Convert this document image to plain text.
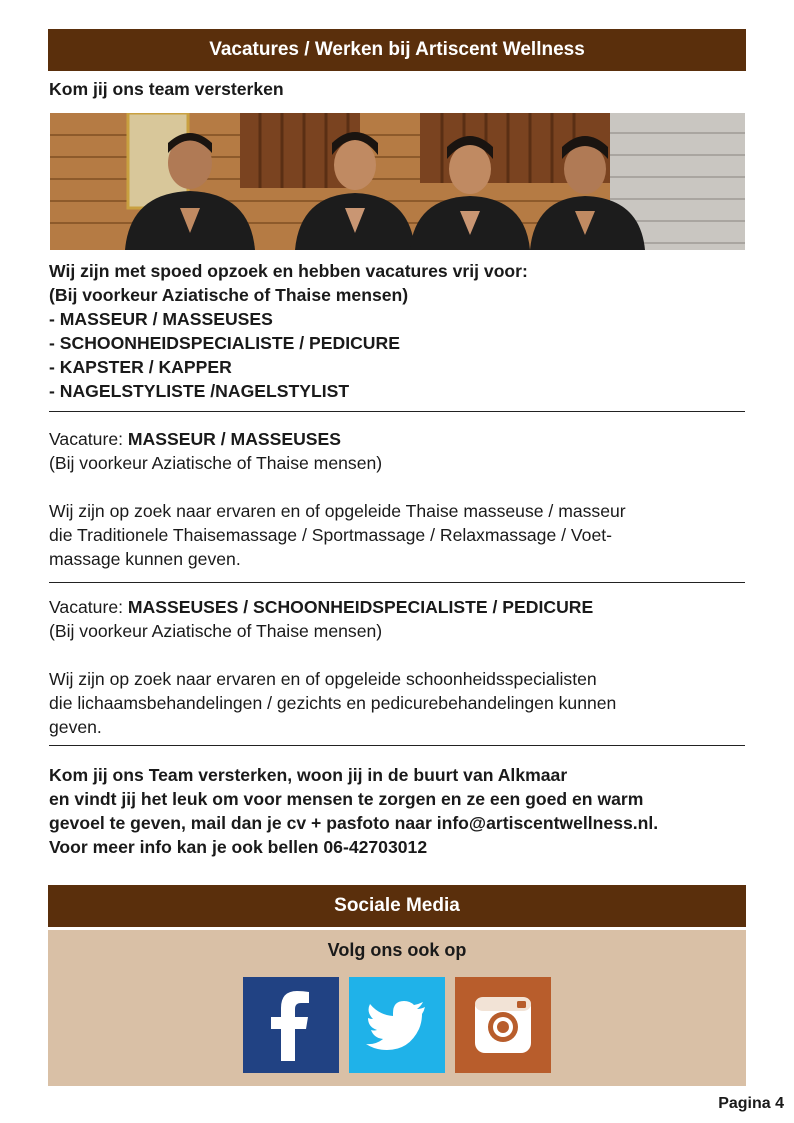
Vacatures / Werken bij Artiscent Wellness
Kom jij ons team versterken
Wij zijn met spoed opzoek en hebben vacatures vrij voor:
(Bij voorkeur Aziatische of Thaise mensen)
- MASSEUR / MASSEUSES
- SCHOONHEIDSPECIALISTE / PEDICURE
- KAPSTER / KAPPER
- NAGELSTYLISTE /NAGELSTYLIST
Vacature: MASSEUR / MASSEUSES
(Bij voorkeur Aziatische of Thaise mensen)
Wij zijn op zoek naar ervaren en of opgeleide Thaise masseuse / masseur
die Traditionele Thaisemassage / Sportmassage / Relaxmassage / Voet-
massage kunnen geven.
Vacature: MASSEUSES / SCHOONHEIDSPECIALISTE / PEDICURE
(Bij voorkeur Aziatische of Thaise mensen)
Wij zijn op zoek naar ervaren en of opgeleide schoonheidsspecialisten
die lichaamsbehandelingen / gezichts en pedicurebehandelingen kunnen
geven.
Kom jij ons Team versterken, woon jij in de buurt van Alkmaar
en vindt jij het leuk om voor mensen te zorgen en ze een goed en warm
gevoel te geven, mail dan je cv + pasfoto naar info@artiscentwellness.nl.
Voor meer info kan je ook bellen 06-42703012
Sociale Media
Volg ons ook op
Pagina 4
